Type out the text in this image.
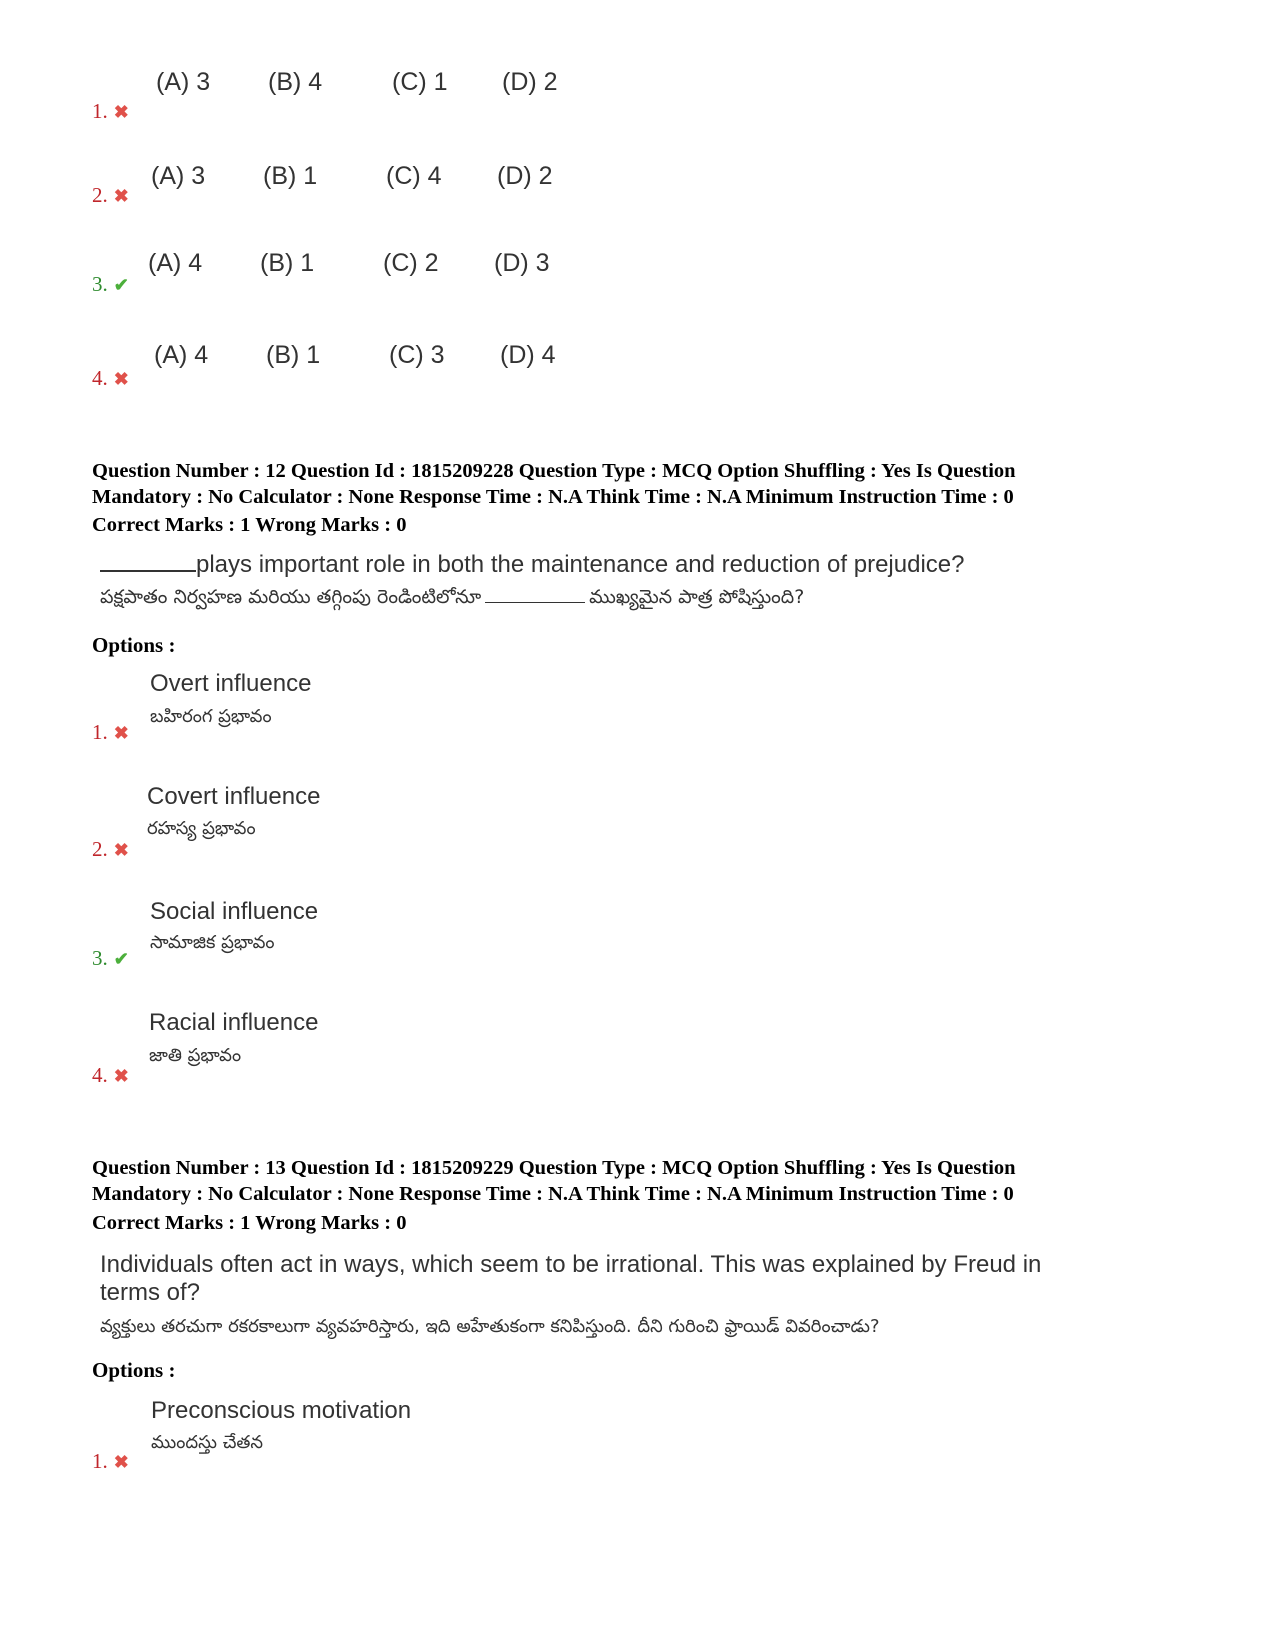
(A) 3 (B) 4	(C) 1 (D) 2
1. ✖
(A) 3 (B) 1	(C) 4 (D) 2
2. ✖
(A) 4 (B) 1	(C) 2 (D) 3
3. ✔
(A) 4 (B) 1	(C) 3 (D) 4
4. ✖
Question Number : 12 Question Id : 1815209228 Question Type : MCQ Option Shuffling : Yes Is Question
Mandatory : No Calculator : None Response Time : N.A Think Time : N.A Minimum Instruction Time : 0
Correct Marks : 1 Wrong Marks : 0
plays important role in both the maintenance and reduction of prejudice?
పక్షపాతం నిర్వహణ మరియు తగ్గింపు రెండింటిలోనూ	ముఖ్యమైన పాత్ర పోషిస్తుంది?
Options :
Overt influence
బహిరంగ ప్రభావం
1. ✖
Covert influence
రహస్య ప్రభావం
2. ✖
Social influence
సామాజిక ప్రభావం
3. ✔
Racial influence
జాతి ప్రభావం
4. ✖
Question Number : 13 Question Id : 1815209229 Question Type : MCQ Option Shuffling : Yes Is Question
Mandatory : No Calculator : None Response Time : N.A Think Time : N.A Minimum Instruction Time : 0
Correct Marks : 1 Wrong Marks : 0
Individuals often act in ways, which seem to be irrational. This was explained by Freud in
terms of?
వ్యక్తులు తరచుగా రకరకాలుగా వ్యవహరిస్తారు, ఇది అహేతుకంగా కనిపిస్తుంది. దీని గురించి ఫ్రాయిడ్ వివరించాడు?
Options :
Preconscious motivation
ముందస్తు చేతన
1. ✖
